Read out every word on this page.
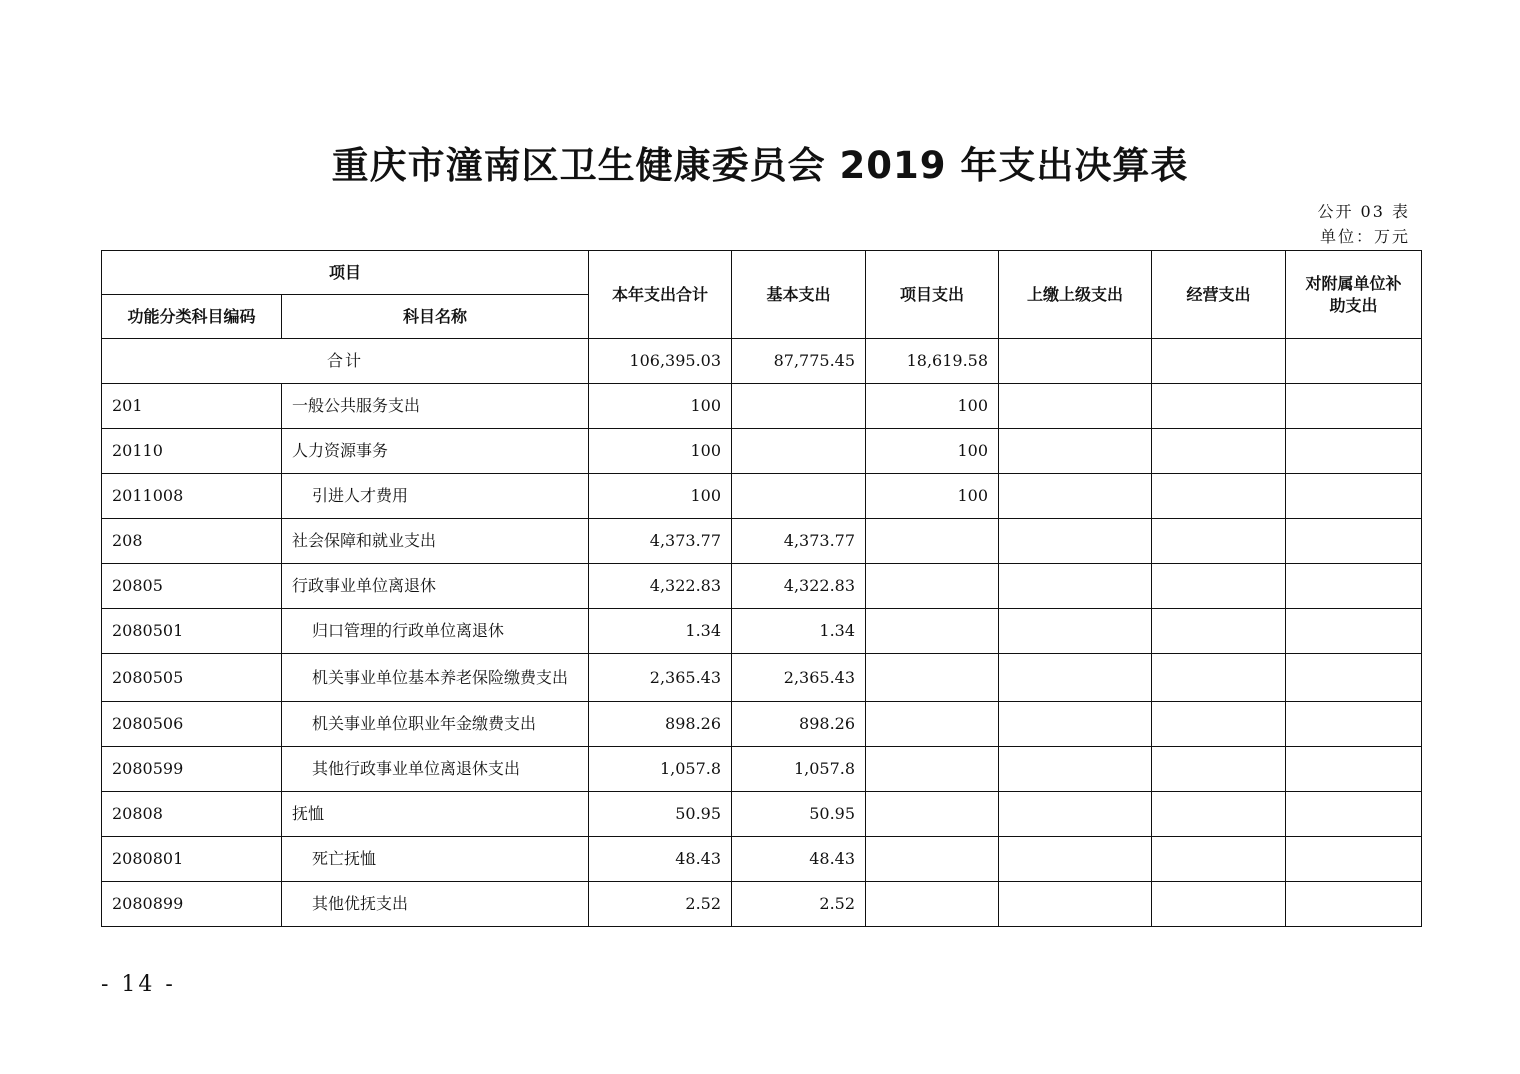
重庆市潼南区卫生健康委员会 2019 年支出决算表
公开 03 表
单位：万元
项目		本年支出合计	基本支出	项目支出	上缴上级支出	经营支出	对附属单位补助支出
功能分类科目编码	科目名称						
合计		106,395.03	87,775.45	18,619.58			
201	一般公共服务支出	100		100			
20110	人力资源事务	100		100			
2011008	引进人才费用	100		100			
208	社会保障和就业支出	4,373.77	4,373.77				
20805	行政事业单位离退休	4,322.83	4,322.83				
2080501	归口管理的行政单位离退休	1.34	1.34				
2080505	机关事业单位基本养老保险缴费支出	2,365.43	2,365.43				
2080506	机关事业单位职业年金缴费支出	898.26	898.26				
2080599	其他行政事业单位离退休支出	1,057.8	1,057.8				
20808	抚恤	50.95	50.95				
2080801	死亡抚恤	48.43	48.43				
2080899	其他优抚支出	2.52	2.52				
- 14 -
